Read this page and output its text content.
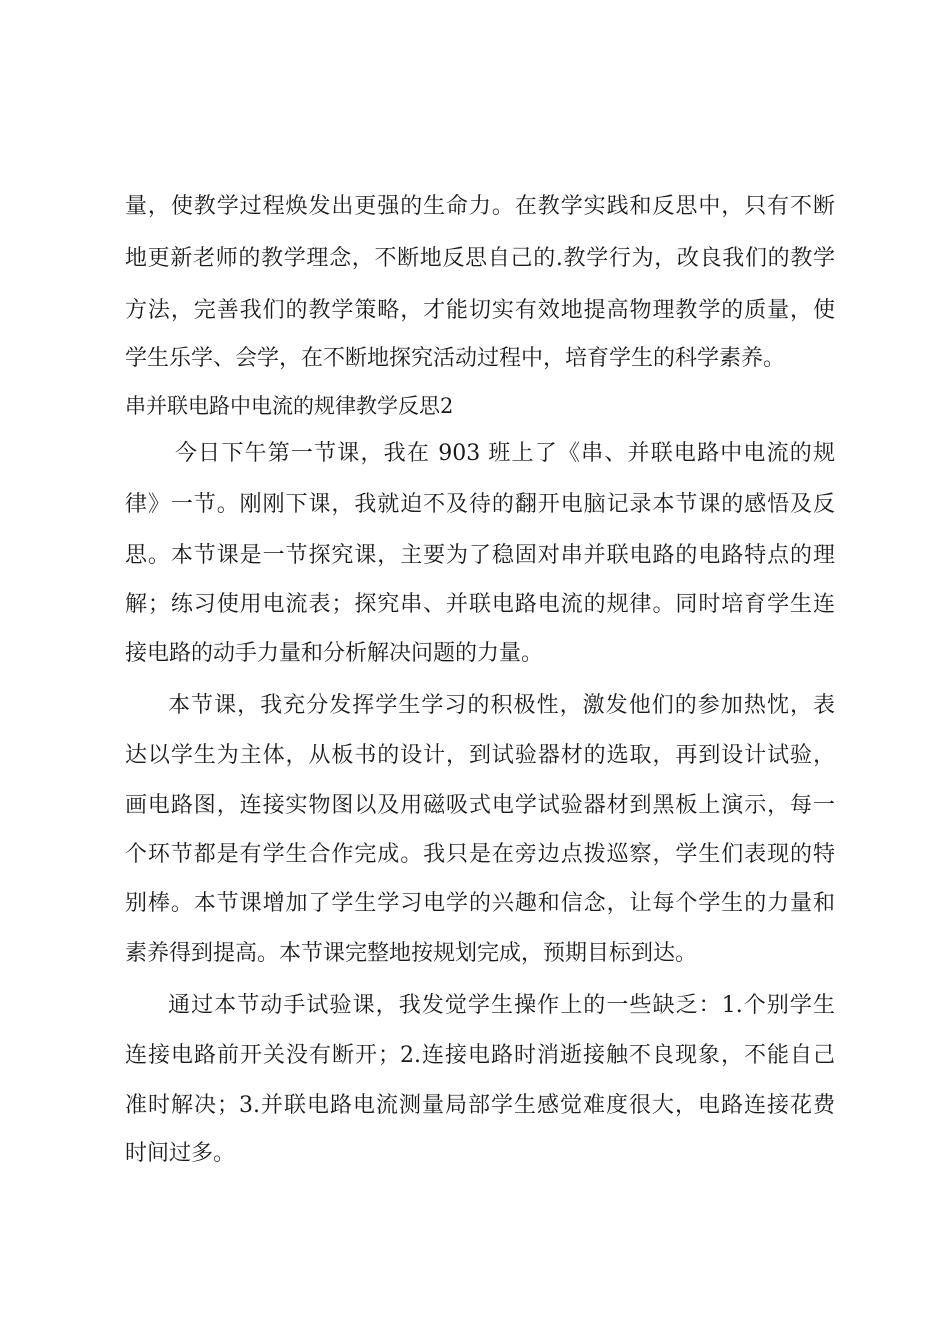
量，使教学过程焕发出更强的生命力。在教学实践和反思中，只有不断
地更新老师的教学理念，不断地反思自己的.教学行为，改良我们的教学
方法，完善我们的教学策略，才能切实有效地提高物理教学的质量，使
学生乐学、会学，在不断地探究活动过程中，培育学生的科学素养。
串并联电路中电流的规律教学反思2
今日下午第一节课，我在 903 班上了《串、并联电路中电流的规
律》一节。刚刚下课，我就迫不及待的翻开电脑记录本节课的感悟及反
思。本节课是一节探究课，主要为了稳固对串并联电路的电路特点的理
解；练习使用电流表；探究串、并联电路电流的规律。同时培育学生连
接电路的动手力量和分析解决问题的力量。
本节课，我充分发挥学生学习的积极性，激发他们的参加热忱，表
达以学生为主体，从板书的设计，到试验器材的选取，再到设计试验，
画电路图，连接实物图以及用磁吸式电学试验器材到黑板上演示，每一
个环节都是有学生合作完成。我只是在旁边点拨巡察，学生们表现的特
别棒。本节课增加了学生学习电学的兴趣和信念，让每个学生的力量和
素养得到提高。本节课完整地按规划完成，预期目标到达。
通过本节动手试验课，我发觉学生操作上的一些缺乏：1.个别学生
连接电路前开关没有断开；2.连接电路时消逝接触不良现象，不能自己
准时解决；3.并联电路电流测量局部学生感觉难度很大，电路连接花费
时间过多。
